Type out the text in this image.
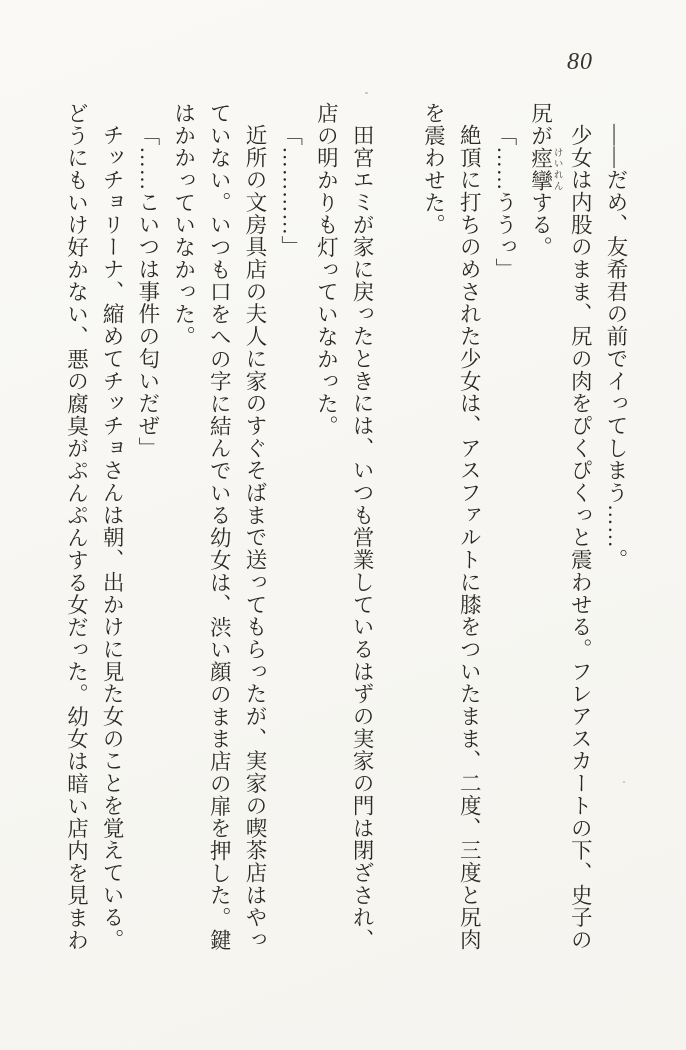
80

――だめ、友希君の前でイってしまう……。

少女は内股のまま、尻の肉をぴくぴくっと震わせる。フレアスカートの下、史子の

尻が痙攣 けいれんする。

「……ううっ」

絶頂に打ちのめされた少女は、アスファルトに膝をついたまま、二度、三度と尻肉

を震わせた。

田宮エミが家に戻ったときには、いつも営業しているはずの実家の門は閉ざされ、

店の明かりも灯っていなかった。

「…………」

近所の文房具店の夫人に家のすぐそばまで送ってもらったが、実家の喫茶店はやっ

ていない。いつも口をへの字に結んでいる幼女は、渋い顔のまま店の扉を押した。鍵

はかかっていなかった。

「……こいつは事件の匂いだぜ」

チッチョリーナ、縮めてチッチョさんは朝、出かけに見た女のことを覚えている。

どうにもいけ好かない、悪の腐臭がぷんぷんする女だった。幼女は暗い店内を見まわ
